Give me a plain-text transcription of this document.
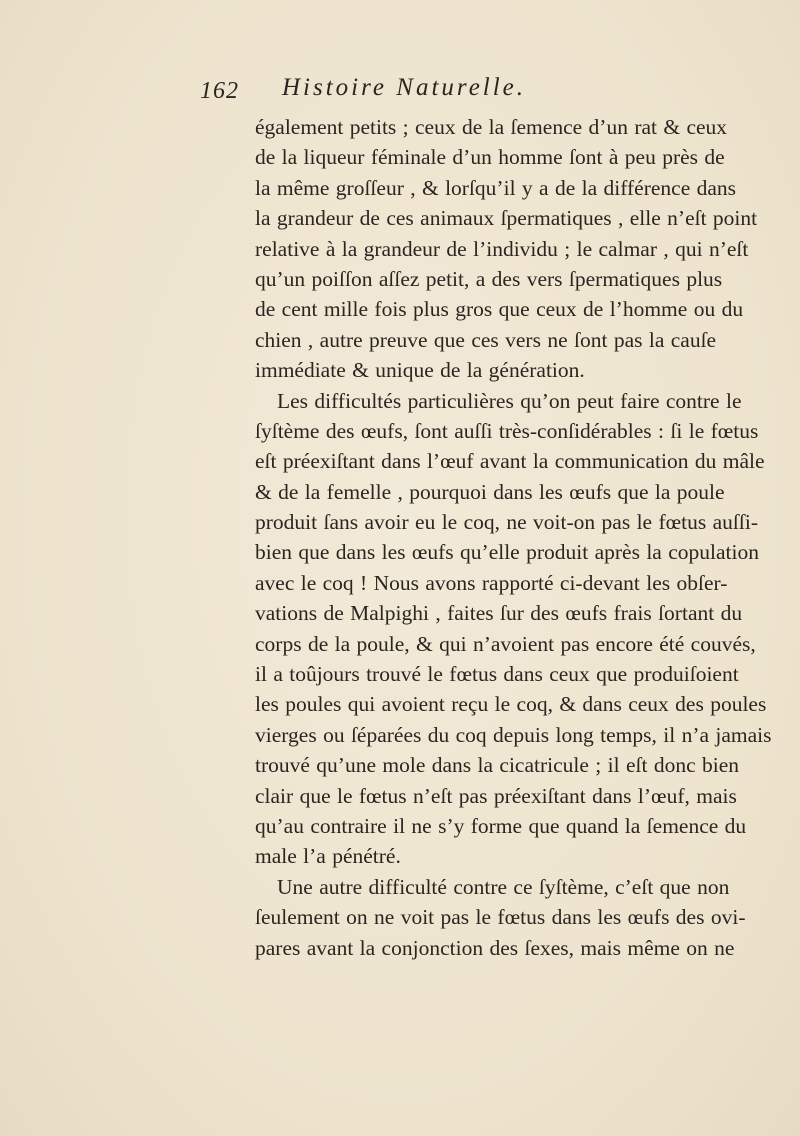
162 Histoire Naturelle.
également petits ; ceux de la ſemence d’un rat & ceux
de la liqueur féminale d’un homme ſont à peu près de
la même groſſeur , & lorſqu’il y a de la différence dans
la grandeur de ces animaux ſpermatiques , elle n’eſt point
relative à la grandeur de l’individu ; le calmar , qui n’eſt
qu’un poiſſon aſſez petit, a des vers ſpermatiques plus
de cent mille fois plus gros que ceux de l’homme ou du
chien , autre preuve que ces vers ne ſont pas la cauſe
immédiate & unique de la génération.
Les difficultés particulières qu’on peut faire contre le
ſyſtème des œufs, ſont auſſi très-conſidérables : ſi le fœtus
eſt préexiſtant dans l’œuf avant la communication du mâle
& de la femelle , pourquoi dans les œufs que la poule
produit ſans avoir eu le coq, ne voit-on pas le fœtus auſſi-
bien que dans les œufs qu’elle produit après la copulation
avec le coq ! Nous avons rapporté ci-devant les obſer-
vations de Malpighi , faites ſur des œufs frais ſortant du
corps de la poule, & qui n’avoient pas encore été couvés,
il a toûjours trouvé le fœtus dans ceux que produiſoient
les poules qui avoient reçu le coq, & dans ceux des poules
vierges ou ſéparées du coq depuis long temps, il n’a jamais
trouvé qu’une mole dans la cicatricule ; il eſt donc bien
clair que le fœtus n’eſt pas préexiſtant dans l’œuf, mais
qu’au contraire il ne s’y forme que quand la ſemence du
male l’a pénétré.
Une autre difficulté contre ce ſyſtème, c’eſt que non
ſeulement on ne voit pas le fœtus dans les œufs des ovi-
pares avant la conjonction des ſexes, mais même on ne
